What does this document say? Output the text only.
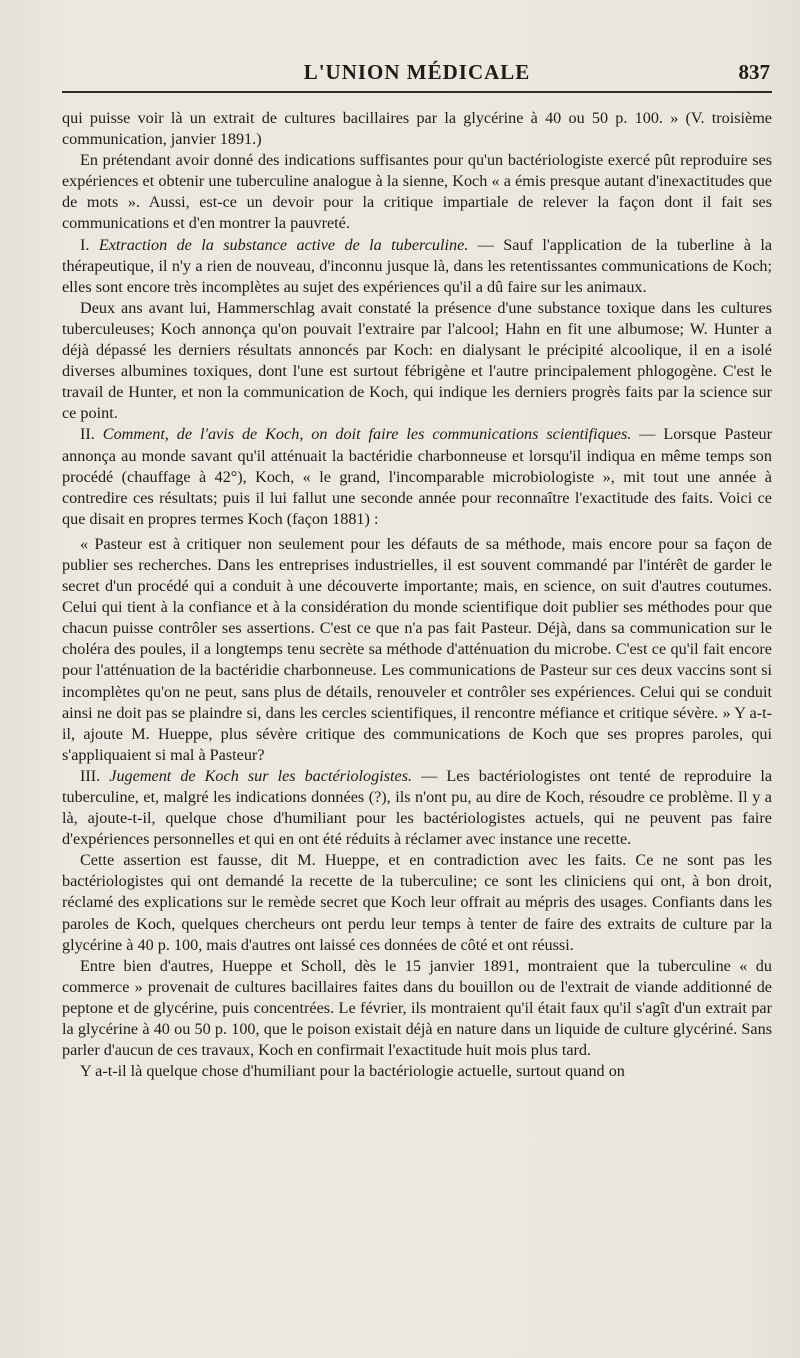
L'UNION MÉDICALE	837

qui puisse voir là un extrait de cultures bacillaires par la glycérine à 40 ou 50 p. 100. » (V. troisième communication, janvier 1891.)

En prétendant avoir donné des indications suffisantes pour qu'un bactériologiste exercé pût reproduire ses expériences et obtenir une tuberculine analogue à la sienne, Koch « a émis presque autant d'inexactitudes que de mots ». Aussi, est-ce un devoir pour la critique impartiale de relever la façon dont il fait ses communications et d'en montrer la pauvreté.

I. Extraction de la substance active de la tuberculine. — Sauf l'application de la tuberline à la thérapeutique, il n'y a rien de nouveau, d'inconnu jusque là, dans les retentissantes communications de Koch; elles sont encore très incomplètes au sujet des expériences qu'il a dû faire sur les animaux.

Deux ans avant lui, Hammerschlag avait constaté la présence d'une substance toxique dans les cultures tuberculeuses; Koch annonça qu'on pouvait l'extraire par l'alcool; Hahn en fit une albumose; W. Hunter a déjà dépassé les derniers résultats annoncés par Koch: en dialysant le précipité alcoolique, il en a isolé diverses albumines toxiques, dont l'une est surtout fébrigène et l'autre principalement phlogogène. C'est le travail de Hunter, et non la communication de Koch, qui indique les derniers progrès faits par la science sur ce point.

II. Comment, de l'avis de Koch, on doit faire les communications scientifiques. — Lorsque Pasteur annonça au monde savant qu'il atténuait la bactéridie charbonneuse et lorsqu'il indiqua en même temps son procédé (chauffage à 42°), Koch, « le grand, l'incomparable microbiologiste », mit tout une année à contredire ces résultats; puis il lui fallut une seconde année pour reconnaître l'exactitude des faits. Voici ce que disait en propres termes Koch (façon 1881) :

« Pasteur est à critiquer non seulement pour les défauts de sa méthode, mais encore pour sa façon de publier ses recherches. Dans les entreprises industrielles, il est souvent commandé par l'intérêt de garder le secret d'un procédé qui a conduit à une découverte importante; mais, en science, on suit d'autres coutumes. Celui qui tient à la confiance et à la considération du monde scientifique doit publier ses méthodes pour que chacun puisse contrôler ses assertions. C'est ce que n'a pas fait Pasteur. Déjà, dans sa communication sur le choléra des poules, il a longtemps tenu secrète sa méthode d'atténuation du microbe. C'est ce qu'il fait encore pour l'atténuation de la bactéridie charbonneuse. Les communications de Pasteur sur ces deux vaccins sont si incomplètes qu'on ne peut, sans plus de détails, renouveler et contrôler ses expériences. Celui qui se conduit ainsi ne doit pas se plaindre si, dans les cercles scientifiques, il rencontre méfiance et critique sévère. » Y a-t-il, ajoute M. Hueppe, plus sévère critique des communications de Koch que ses propres paroles, qui s'appliquaient si mal à Pasteur?

III. Jugement de Koch sur les bactériologistes. — Les bactériologistes ont tenté de reproduire la tuberculine, et, malgré les indications données (?), ils n'ont pu, au dire de Koch, résoudre ce problème. Il y a là, ajoute-t-il, quelque chose d'humiliant pour les bactériologistes actuels, qui ne peuvent pas faire d'expériences personnelles et qui en ont été réduits à réclamer avec instance une recette.

Cette assertion est fausse, dit M. Hueppe, et en contradiction avec les faits. Ce ne sont pas les bactériologistes qui ont demandé la recette de la tuberculine; ce sont les cliniciens qui ont, à bon droit, réclamé des explications sur le remède secret que Koch leur offrait au mépris des usages. Confiants dans les paroles de Koch, quelques chercheurs ont perdu leur temps à tenter de faire des extraits de culture par la glycérine à 40 p. 100, mais d'autres ont laissé ces données de côté et ont réussi.

Entre bien d'autres, Hueppe et Scholl, dès le 15 janvier 1891, montraient que la tuberculine « du commerce » provenait de cultures bacillaires faites dans du bouillon ou de l'extrait de viande additionné de peptone et de glycérine, puis concentrées. Le février, ils montraient qu'il était faux qu'il s'agît d'un extrait par la glycérine à 40 ou 50 p. 100, que le poison existait déjà en nature dans un liquide de culture glycériné. Sans parler d'aucun de ces travaux, Koch en confirmait l'exactitude huit mois plus tard.

Y a-t-il là quelque chose d'humiliant pour la bactériologie actuelle, surtout quand on
